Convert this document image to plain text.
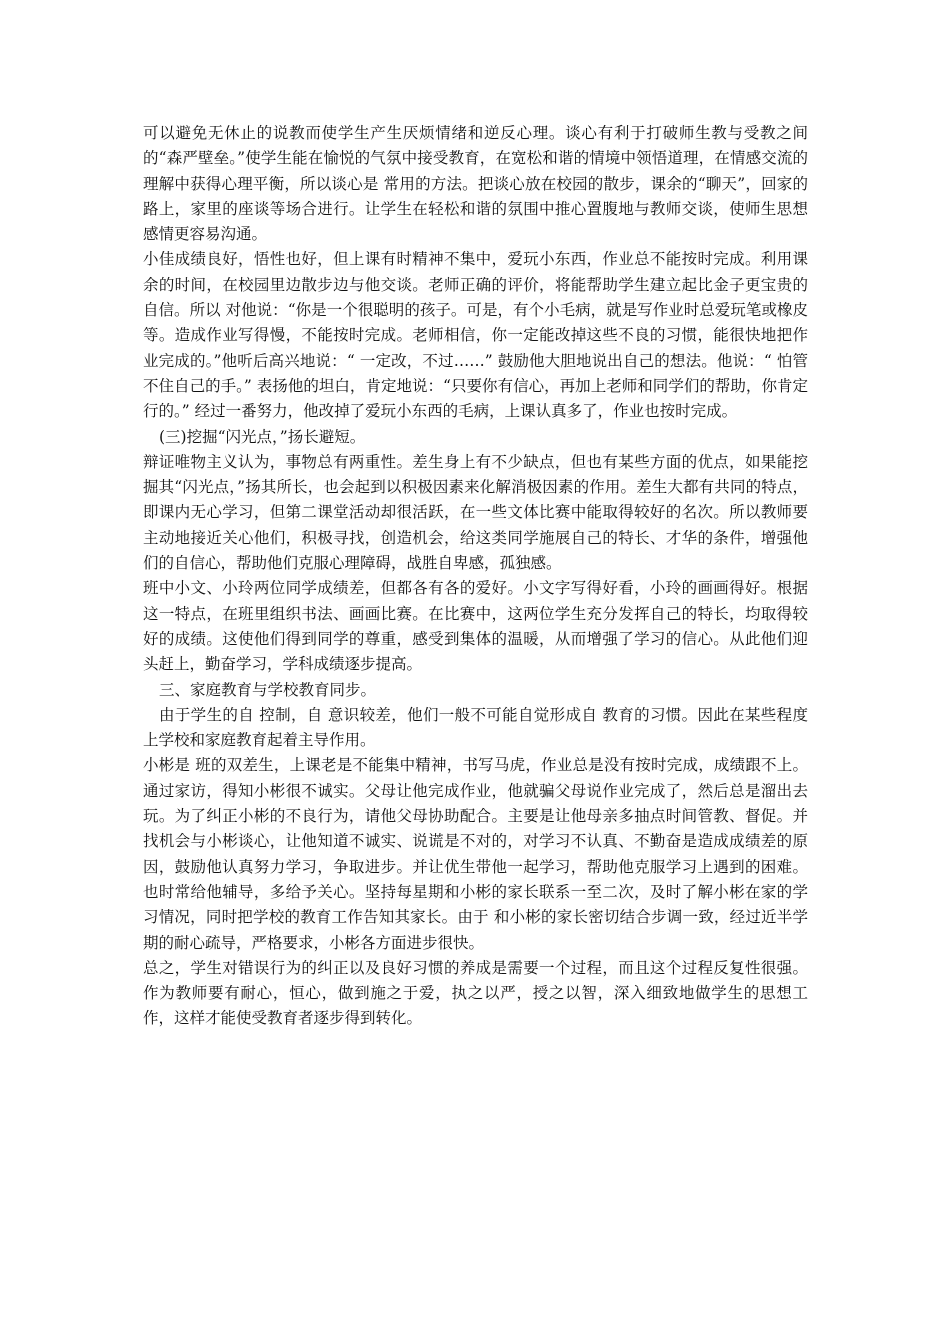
可以避免无休止的说教而使学生产生厌烦情绪和逆反心理。谈心有利于打破师生教与受教之间的“森严壁垒。”使学生能在愉悦的气氛中接受教育，在宽松和谐的情境中领悟道理，在情感交流的理解中获得心理平衡，所以谈心是 常用的方法。把谈心放在校园的散步，课余的“聊天”，回家的路上，家里的座谈等场合进行。让学生在轻松和谐的氛围中推心置腹地与教师交谈，使师生思想感情更容易沟通。

小佳成绩良好，悟性也好，但上课有时精神不集中，爱玩小东西，作业总不能按时完成。利用课余的时间，在校园里边散步边与他交谈。老师正确的评价，将能帮助学生建立起比金子更宝贵的自信。所以 对他说：“你是一个很聪明的孩子。可是，有个小毛病，就是写作业时总爱玩笔或橡皮等。造成作业写得慢，不能按时完成。老师相信，你一定能改掉这些不良的习惯，能很快地把作业完成的。”他听后高兴地说：“ 一定改，不过……” 鼓励他大胆地说出自己的想法。他说：“ 怕管不住自己的手。” 表扬他的坦白，肯定地说：“只要你有信心，再加上老师和同学们的帮助，你肯定行的。” 经过一番努力，他改掉了爱玩小东西的毛病，上课认真多了，作业也按时完成。

(三)挖掘“闪光点，”扬长避短。

辩证唯物主义认为，事物总有两重性。差生身上有不少缺点，但也有某些方面的优点，如果能挖掘其“闪光点，”扬其所长，也会起到以积极因素来化解消极因素的作用。差生大都有共同的特点，即课内无心学习，但第二课堂活动却很活跃，在一些文体比赛中能取得较好的名次。所以教师要主动地接近关心他们，积极寻找，创造机会，给这类同学施展自己的特长、才华的条件，增强他们的自信心，帮助他们克服心理障碍，战胜自卑感，孤独感。

班中小文、小玲两位同学成绩差，但都各有各的爱好。小文字写得好看，小玲的画画得好。根据这一特点，在班里组织书法、画画比赛。在比赛中，这两位学生充分发挥自己的特长，均取得较好的成绩。这使他们得到同学的尊重，感受到集体的温暖，从而增强了学习的信心。从此他们迎头赶上，勤奋学习，学科成绩逐步提高。

三、家庭教育与学校教育同步。

由于学生的自 控制，自 意识较差，他们一般不可能自觉形成自 教育的习惯。因此在某些程度上学校和家庭教育起着主导作用。

小彬是 班的双差生，上课老是不能集中精神，书写马虎，作业总是没有按时完成，成绩跟不上。通过家访，得知小彬很不诚实。父母让他完成作业，他就骗父母说作业完成了，然后总是溜出去玩。为了纠正小彬的不良行为，请他父母协助配合。主要是让他母亲多抽点时间管教、督促。并找机会与小彬谈心，让他知道不诚实、说谎是不对的，对学习不认真、不勤奋是造成成绩差的原因，鼓励他认真努力学习，争取进步。并让优生带他一起学习，帮助他克服学习上遇到的困难。也时常给他辅导，多给予关心。坚持每星期和小彬的家长联系一至二次，及时了解小彬在家的学习情况，同时把学校的教育工作告知其家长。由于 和小彬的家长密切结合步调一致，经过近半学期的耐心疏导，严格要求，小彬各方面进步很快。

总之，学生对错误行为的纠正以及良好习惯的养成是需要一个过程，而且这个过程反复性很强。作为教师要有耐心，恒心，做到施之于爱，执之以严，授之以智，深入细致地做学生的思想工作，这样才能使受教育者逐步得到转化。
